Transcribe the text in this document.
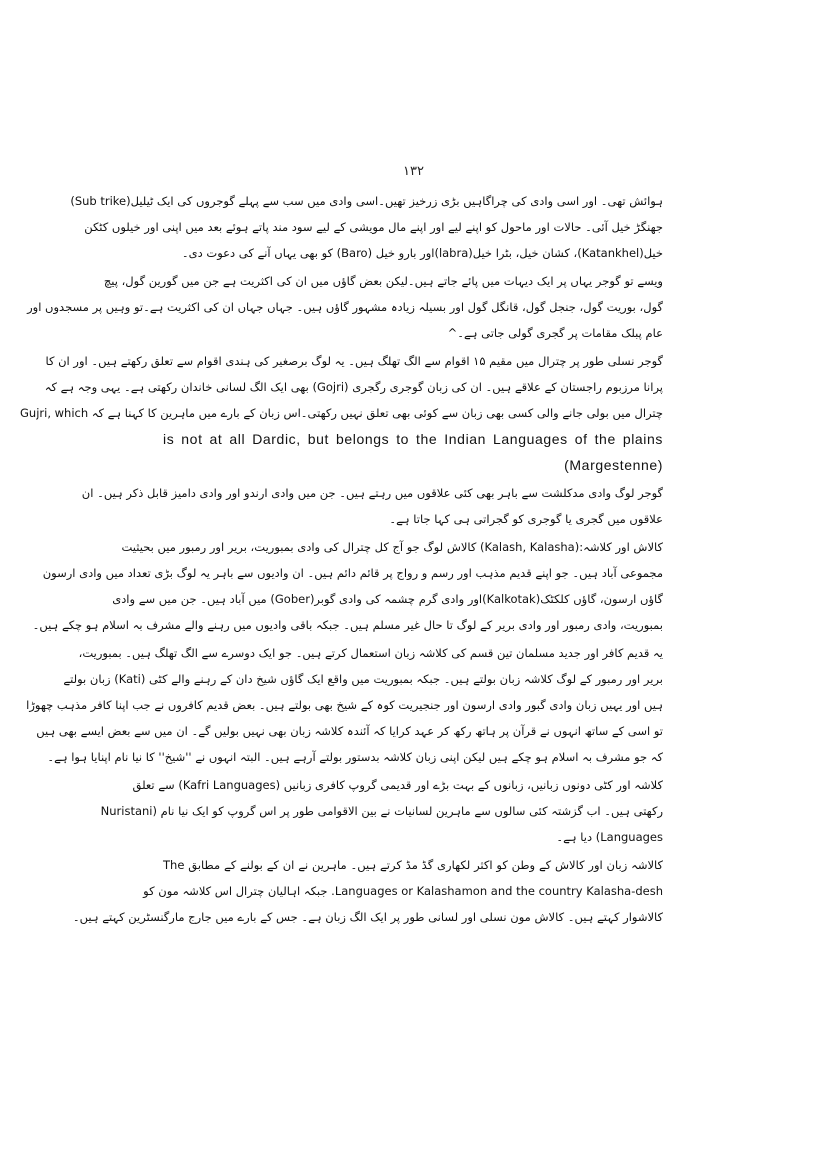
۱۳۲
ہوائش تھی۔ اور اسی وادی کی چراگاہیں بڑی زرخیز تھیں۔اسی وادی میں سب سے پہلے گوجروں کی ایک ٹیلیل(Sub trike)
جھنگڑ خیل آئی۔ حالات اور ماحول کو اپنے لیے اور اپنے مال مویشی کے لیے سود مند پاتے ہوئے بعد میں اپنی اور خیلوں کٹکن
خیل(Katankhel)، کشان خیل، بٹرا خیل(labra)اور بارو خیل (Baro) کو بھی یہاں آنے کی دعوت دی۔
ویسے تو گوجر یہاں پر ایک دیہات میں پائے جاتے ہیں۔لیکن بعض گاؤں میں ان کی اکثریت ہے جن میں گورین گول، پیچ
گول، بوریت گول، جنجل گول، قانگل گول اور بسیلہ زیادہ مشہور گاؤں ہیں۔ جہاں جہاں ان کی اکثریت ہے۔تو وہیں پر مسجدوں اور
عام پبلک مقامات پر گجری گولی جاتی ہے۔^
گوجر نسلی طور پر چترال میں مقیم ۱۵ اقوام سے الگ تھلگ ہیں۔ یہ لوگ برصغیر کی ہندی اقوام سے تعلق رکھتے ہیں۔ اور ان کا
پرانا مرزبوم راجستان کے علاقے ہیں۔ ان کی زبان گوجری رگجری (Gojri) بھی ایک الگ لسانی خاندان رکھتی ہے۔ یہی وجہ ہے کہ
چترال میں بولی جانے والی کسی بھی زبان سے کوئی بھی تعلق نہیں رکھتی۔اس زبان کے بارے میں ماہرین کا کہنا ہے کہ Gujri, which
is not at all Dardic, but belongs to the Indian Languages of the plains
(Margestenne)
گوجر لوگ وادی مدکلشت سے باہر بھی کئی علاقوں میں رہتے ہیں۔ جن میں وادی ارندو اور وادی دامیز قابل ذکر ہیں۔ ان
علاقوں میں گجری یا گوجری کو گجراتی ہی کہا جاتا ہے۔
کالاش اور کلاشہ:(Kalash, Kalasha) کالاش لوگ جو آج کل چترال کی وادی بمبوریت، بریر اور رمبور میں بحیثیت
مجموعی آباد ہیں۔ جو اپنے قدیم مذہب اور رسم و رواج پر قائم دائم ہیں۔ ان وادیوں سے باہر یہ لوگ بڑی تعداد میں وادی ارسون
گاؤں ارسون، گاؤں کلکٹک(Kalkotak)اور وادی گرم چشمہ کی وادی گوبر(Gober) میں آباد ہیں۔ جن میں سے وادی
بمبوریت، وادی رمبور اور وادی بریر کے لوگ تا حال غیر مسلم ہیں۔ جبکہ باقی وادیوں میں رہنے والے مشرف بہ اسلام ہو چکے ہیں۔
یہ قدیم کافر اور جدید مسلمان تین قسم کی کلاشہ زبان استعمال کرتے ہیں۔ جو ایک دوسرے سے الگ تھلگ ہیں۔ بمبوریت،
بریر اور رمبور کے لوگ کلاشہ زبان بولتے ہیں۔ جبکہ بمبوریت میں واقع ایک گاؤں شیخ دان کے رہنے والے کٹی (Kati) زبان بولتے
ہیں اور یہیں زبان وادی گبور وادی ارسون اور جنجیریت کوہ کے شیخ بھی بولتے ہیں۔ بعض قدیم کافروں نے جب اپنا کافر مذہب چھوڑا
تو اسی کے ساتھ انہوں نے قرآن پر ہاتھ رکھ کر عہد کرایا کہ آئندہ کلاشہ زبان بھی نہیں بولیں گے۔ ان میں سے بعض ایسے بھی ہیں
کہ جو مشرف بہ اسلام ہو چکے ہیں لیکن اپنی زبان کلاشہ بدستور بولتے آرہے ہیں۔ البتہ انہوں نے ''شیخ'' کا نیا نام اپنایا ہوا ہے۔
کلاشہ اور کٹی دونوں زبانیں، زبانوں کے بہت بڑے اور قدیمی گروپ کافری زبانیں (Kafri Languages) سے تعلق
رکھتی ہیں۔ اب گزشتہ کئی سالوں سے ماہرین لسانیات نے بین الاقوامی طور پر اس گروپ کو ایک نیا نام (Nuristani
Languages) دیا ہے۔
کالاشہ زبان اور کالاش کے وطن کو اکثر لکھاری گڈ مڈ کرتے ہیں۔ ماہرین نے ان کے بولنے کے مطابق The
Languages or Kalashamon and the country Kalasha-desh. جبکہ اہالیان چترال اس کلاشہ مون کو
کالاشوار کہتے ہیں۔ کالاش مون نسلی اور لسانی طور پر ایک الگ زبان ہے۔ جس کے بارے میں جارج مارگنسٹرین کہتے ہیں۔
